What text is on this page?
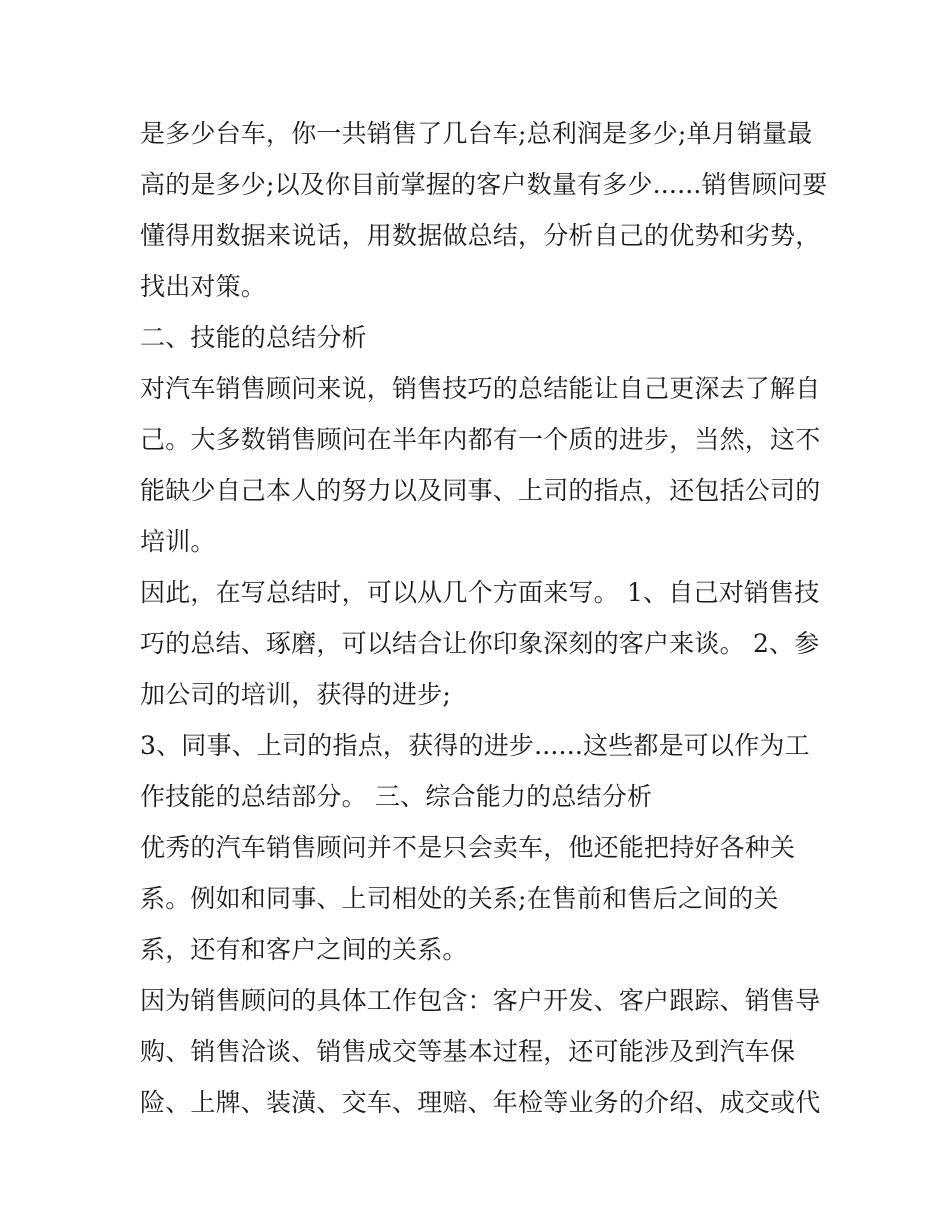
是多少台车，你一共销售了几台车;总利润是多少;单月销量最
高的是多少;以及你目前掌握的客户数量有多少......销售顾问要
懂得用数据来说话，用数据做总结，分析自己的优势和劣势，
找出对策。
二、技能的总结分析
对汽车销售顾问来说，销售技巧的总结能让自己更深去了解自
己。大多数销售顾问在半年内都有一个质的进步，当然，这不
能缺少自己本人的努力以及同事、上司的指点，还包括公司的
培训。
因此，在写总结时，可以从几个方面来写。 1、自己对销售技
巧的总结、琢磨，可以结合让你印象深刻的客户来谈。 2、参
加公司的培训，获得的进步;
3、同事、上司的指点，获得的进步......这些都是可以作为工
作技能的总结部分。 三、综合能力的总结分析
优秀的汽车销售顾问并不是只会卖车，他还能把持好各种关
系。例如和同事、上司相处的关系;在售前和售后之间的关
系，还有和客户之间的关系。
因为销售顾问的具体工作包含：客户开发、客户跟踪、销售导
购、销售洽谈、销售成交等基本过程，还可能涉及到汽车保
险、上牌、装潢、交车、理赔、年检等业务的介绍、成交或代
